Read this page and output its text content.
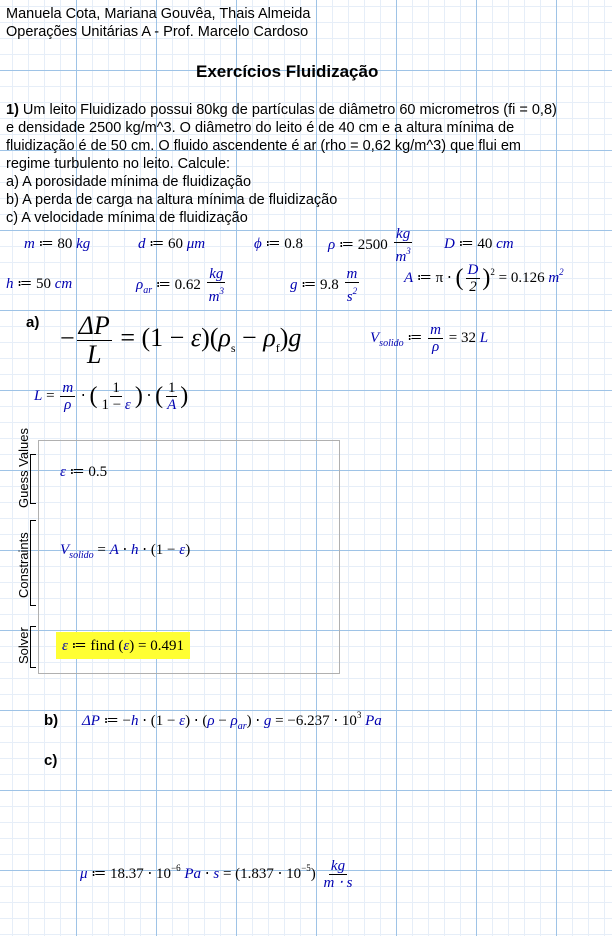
Manuela Cota, Mariana Gouvêa, Thais Almeida
Operações Unitárias A - Prof. Marcelo Cardoso
Exercícios Fluidização
1) Um leito Fluidizado possui 80kg de partículas de diâmetro 60 micrometros (fi = 0,8)
e densidade 2500 kg/m^3. O diâmetro do leito é de 40 cm e a altura mínima de
fluidização é de 50 cm. O fluido ascendente é ar (rho = 0,62 kg/m^3) que flui em
regime turbulento no leito. Calcule:
a) A porosidade mínima de fluidização
b) A perda de carga na altura mínima de fluidização
c) A velocidade mínima de fluidização
m ≔ 80 kg	d ≔ 60 μm	ϕ ≔ 0.8 ρ ≔ $2500 \frac{kg}{m^3}$ D ≔ 40 cm
h ≔ 50 cm	$\rho_{ar}$ ≔ $0.62 \frac{kg}{m^3}$	g ≔ $9.8 \frac{m}{s^2}$	A ≔ π ⋅ ( $\frac{D}{2} )^2 = 0.126$ $m^2$
a)
− $\frac{\Delta P}{L} = (1 - \varepsilon)(\rho_s - \rho_f)g$	$V_{solido}$ ≔ $\frac{m}{\rho} = 32$ L
$L = \frac{m}{\rho}$ ⋅ ( $\frac{1}{1 - \varepsilon}$ ) ⋅ ( $\frac{1}{A}$ )
Guess Values
Constraints
Solver
ε ≔ 0.5
$V_{solido} = A \cdot h \cdot (1 - \varepsilon)$
ε ≔ find (ε) = 0.491
b) ΔP ≔ $-h \cdot (1 - \varepsilon) \cdot (\rho - \rho_{ar}) \cdot g = -6.237 \cdot 10^3$ Pa
c)
μ ≔ $18.37 \cdot 10^{-6}$ $Pa \cdot s = (1.837 \cdot 10^{-5}) \frac{kg}{m \cdot s}$
